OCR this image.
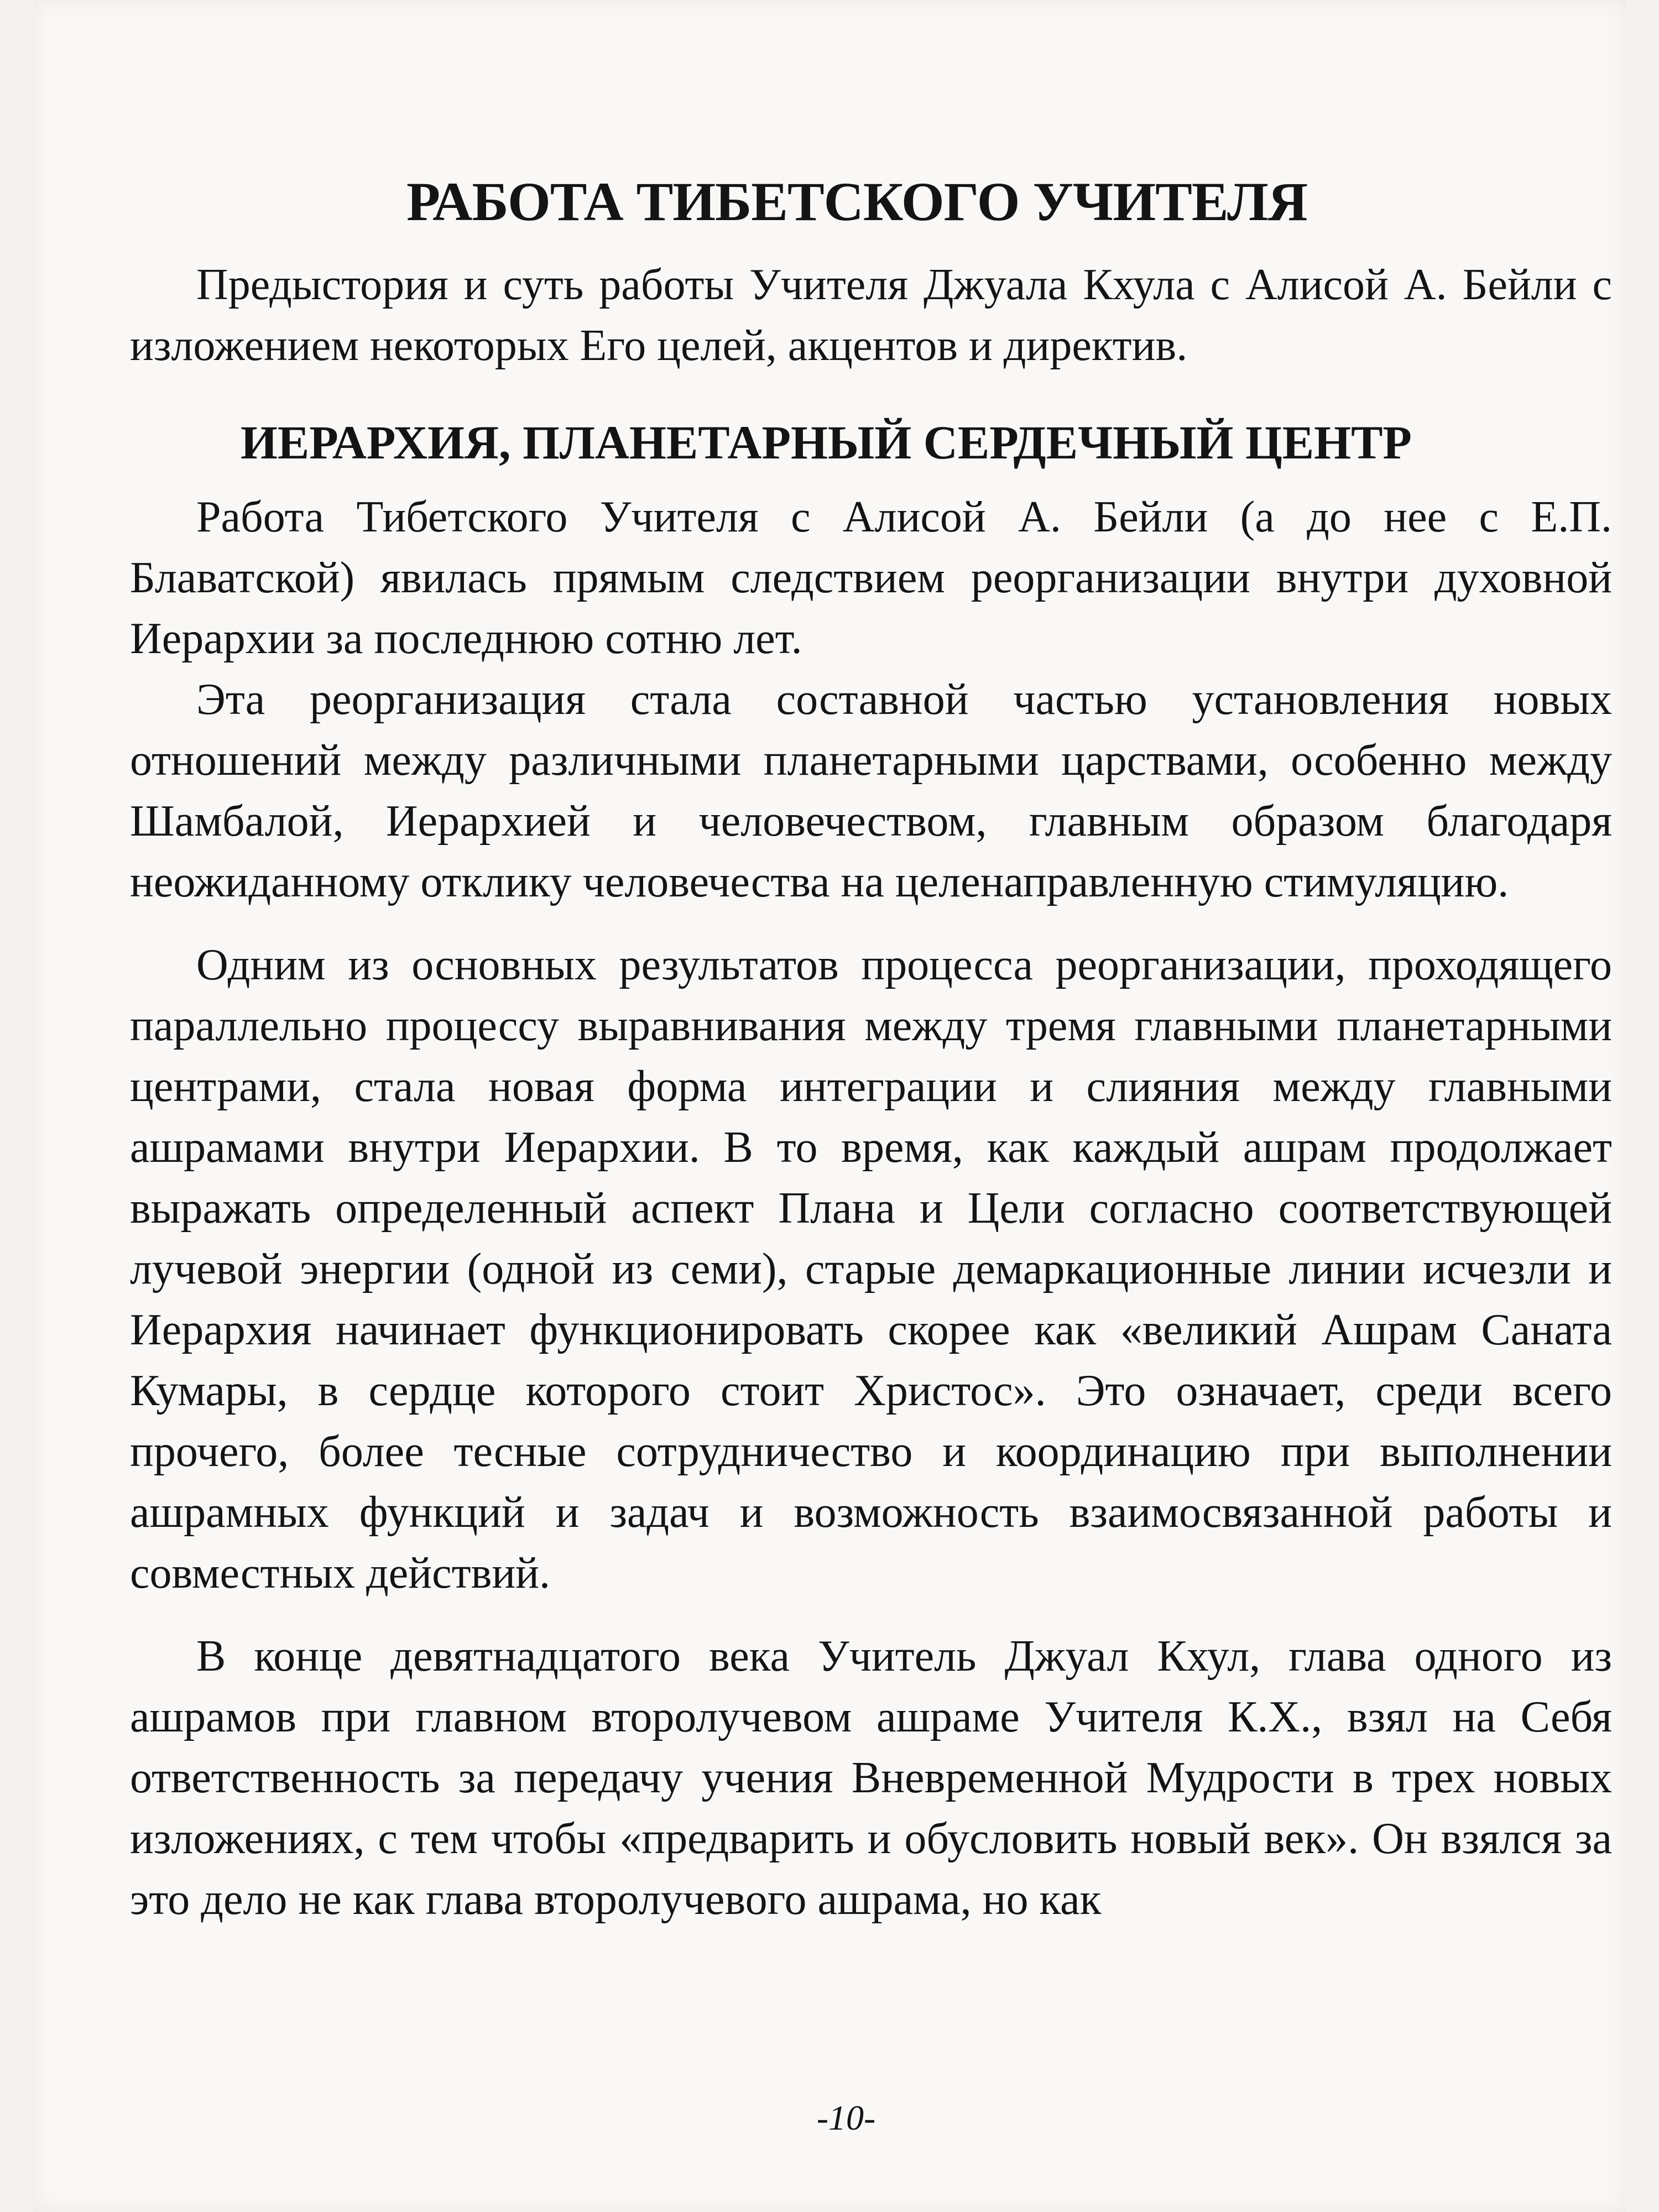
РАБОТА ТИБЕТСКОГО УЧИТЕЛЯ

Предыстория и суть работы Учителя Джуала Кхула с Алисой А. Бейли с изложением некоторых Его целей, акцентов и директив.

ИЕРАРХИЯ, ПЛАНЕТАРНЫЙ СЕРДЕЧНЫЙ ЦЕНТР

Работа Тибетского Учителя с Алисой А. Бейли (а до нее с Е.П. Блаватской) явилась прямым следствием реорганизации внутри духовной Иерархии за последнюю сотню лет.

Эта реорганизация стала составной частью установления новых отношений между различными планетарными царствами, особенно между Шамбалой, Иерархией и человечеством, главным образом благодаря неожиданному отклику человечества на целенаправленную стимуляцию.

Одним из основных результатов процесса реорганизации, проходящего параллельно процессу выравнивания между тремя главными планетарными центрами, стала новая форма интеграции и слияния между главными ашрамами внутри Иерархии. В то время, как каждый ашрам продолжает выражать определенный аспект Плана и Цели согласно соответствующей лучевой энергии (одной из семи), старые демаркационные линии исчезли и Иерархия начинает функционировать скорее как «великий Ашрам Саната Кумары, в сердце которого стоит Христос». Это означает, среди всего прочего, более тесные сотрудничество и координацию при выполнении ашрамных функций и задач и возможность взаимосвязанной работы и совместных действий.

В конце девятнадцатого века Учитель Джуал Кхул, глава одного из ашрамов при главном второлучевом ашраме Учителя К.Х., взял на Себя ответственность за передачу учения Вневременной Мудрости в трех новых изложениях, с тем чтобы «предварить и обусловить новый век». Он взялся за это дело не как глава второлучевого ашрама, но как

-10-
